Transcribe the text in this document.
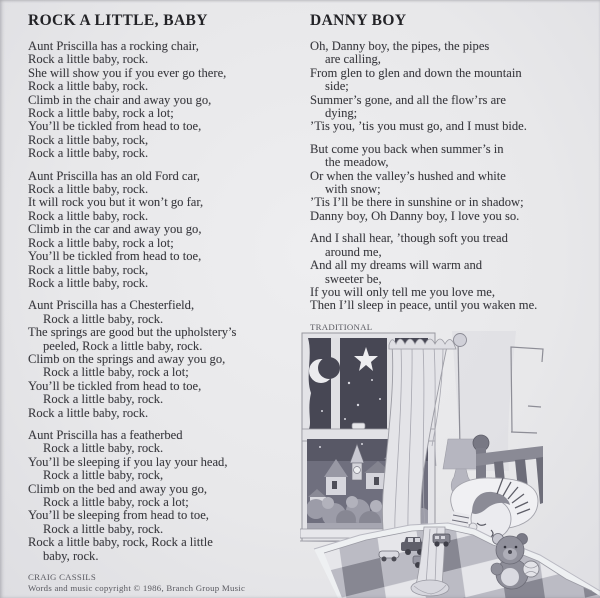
ROCK A LITTLE, BABY
Aunt Priscilla has a rocking chair,
Rock a little baby, rock.
She will show you if you ever go there,
Rock a little baby, rock.
Climb in the chair and away you go,
Rock a little baby, rock a lot;
You’ll be tickled from head to toe,
Rock a little baby, rock,
Rock a little baby, rock.
Aunt Priscilla has an old Ford car,
Rock a little baby, rock.
It will rock you but it won’t go far,
Rock a little baby, rock.
Climb in the car and away you go,
Rock a little baby, rock a lot;
You’ll be tickled from head to toe,
Rock a little baby, rock,
Rock a little baby, rock.
Aunt Priscilla has a Chesterfield,
Rock a little baby, rock.
The springs are good but the upholstery’s
peeled, Rock a little baby, rock.
Climb on the springs and away you go,
Rock a little baby, rock a lot;
You’ll be tickled from head to toe,
Rock a little baby, rock.
Rock a little baby, rock.
Aunt Priscilla has a featherbed
Rock a little baby, rock.
You’ll be sleeping if you lay your head,
Rock a little baby, rock,
Climb on the bed and away you go,
Rock a little baby, rock a lot;
You’ll be sleeping from head to toe,
Rock a little baby, rock.
Rock a little baby, rock, Rock a little
baby, rock.
CRAIG CASSILS
Words and music copyright © 1986, Branch Group Music
DANNY BOY
Oh, Danny boy, the pipes, the pipes
are calling,
From glen to glen and down the mountain
side;
Summer’s gone, and all the flow’rs are
dying;
’Tis you, ’tis you must go, and I must bide.
But come you back when summer’s in
the meadow,
Or when the valley’s hushed and white
with snow;
’Tis I’ll be there in sunshine or in shadow;
Danny boy, Oh Danny boy, I love you so.
And I shall hear, ’though soft you tread
around me,
And all my dreams will warm and
sweeter be,
If you will only tell me you love me,
Then I’ll sleep in peace, until you waken me.
TRADITIONAL
